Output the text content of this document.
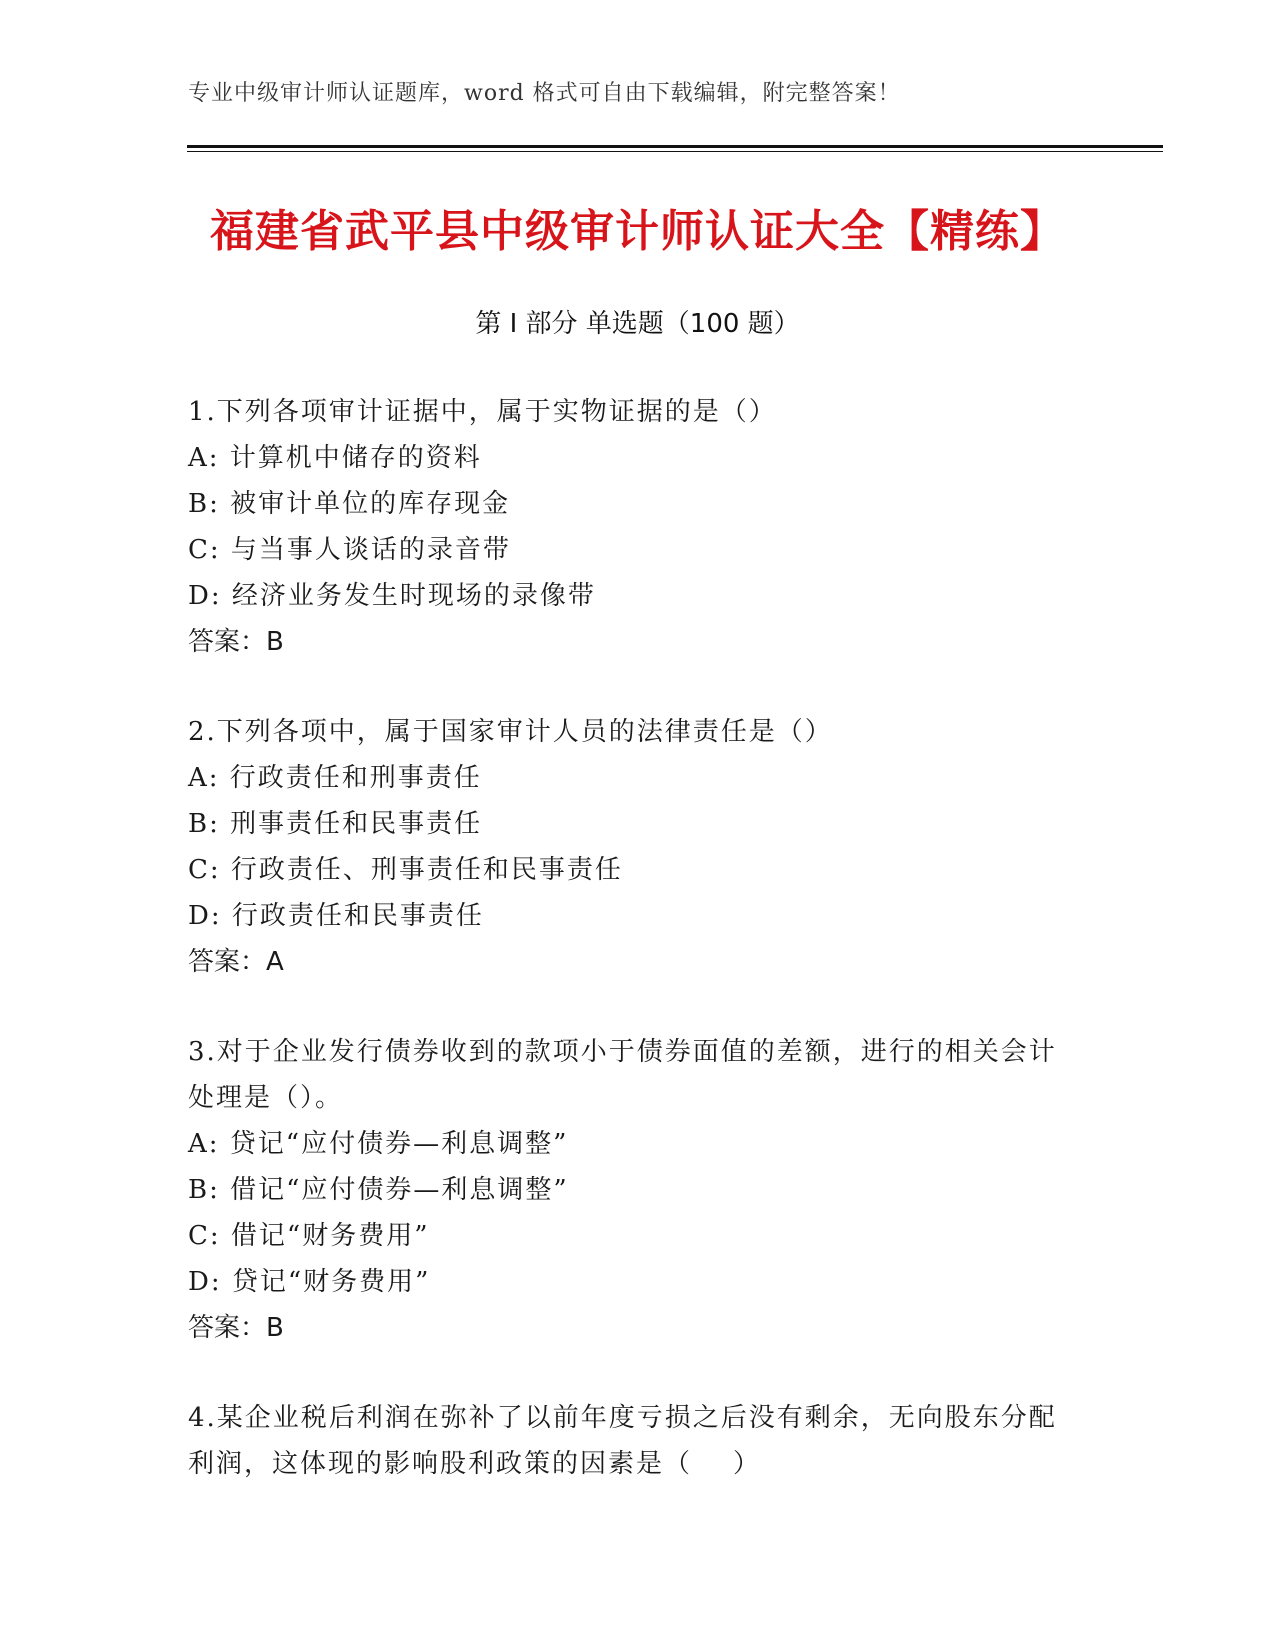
专业中级审计师认证题库，word 格式可自由下载编辑，附完整答案！
福建省武平县中级审计师认证大全【精练】
第 I 部分 单选题（100 题）
1.下列各项审计证据中，属于实物证据的是（）
A: 计算机中储存的资料
B: 被审计单位的库存现金
C: 与当事人谈话的录音带
D: 经济业务发生时现场的录像带
答案：B
2.下列各项中，属于国家审计人员的法律责任是（）
A: 行政责任和刑事责任
B: 刑事责任和民事责任
C: 行政责任、刑事责任和民事责任
D: 行政责任和民事责任
答案：A
3.对于企业发行债券收到的款项小于债券面值的差额，进行的相关会计处理是（）。
A: 贷记“应付债券—利息调整”
B: 借记“应付债券—利息调整”
C: 借记“财务费用”
D: 贷记“财务费用”
答案：B
4.某企业税后利润在弥补了以前年度亏损之后没有剩余，无向股东分配利润，这体现的影响股利政策的因素是（    ）
